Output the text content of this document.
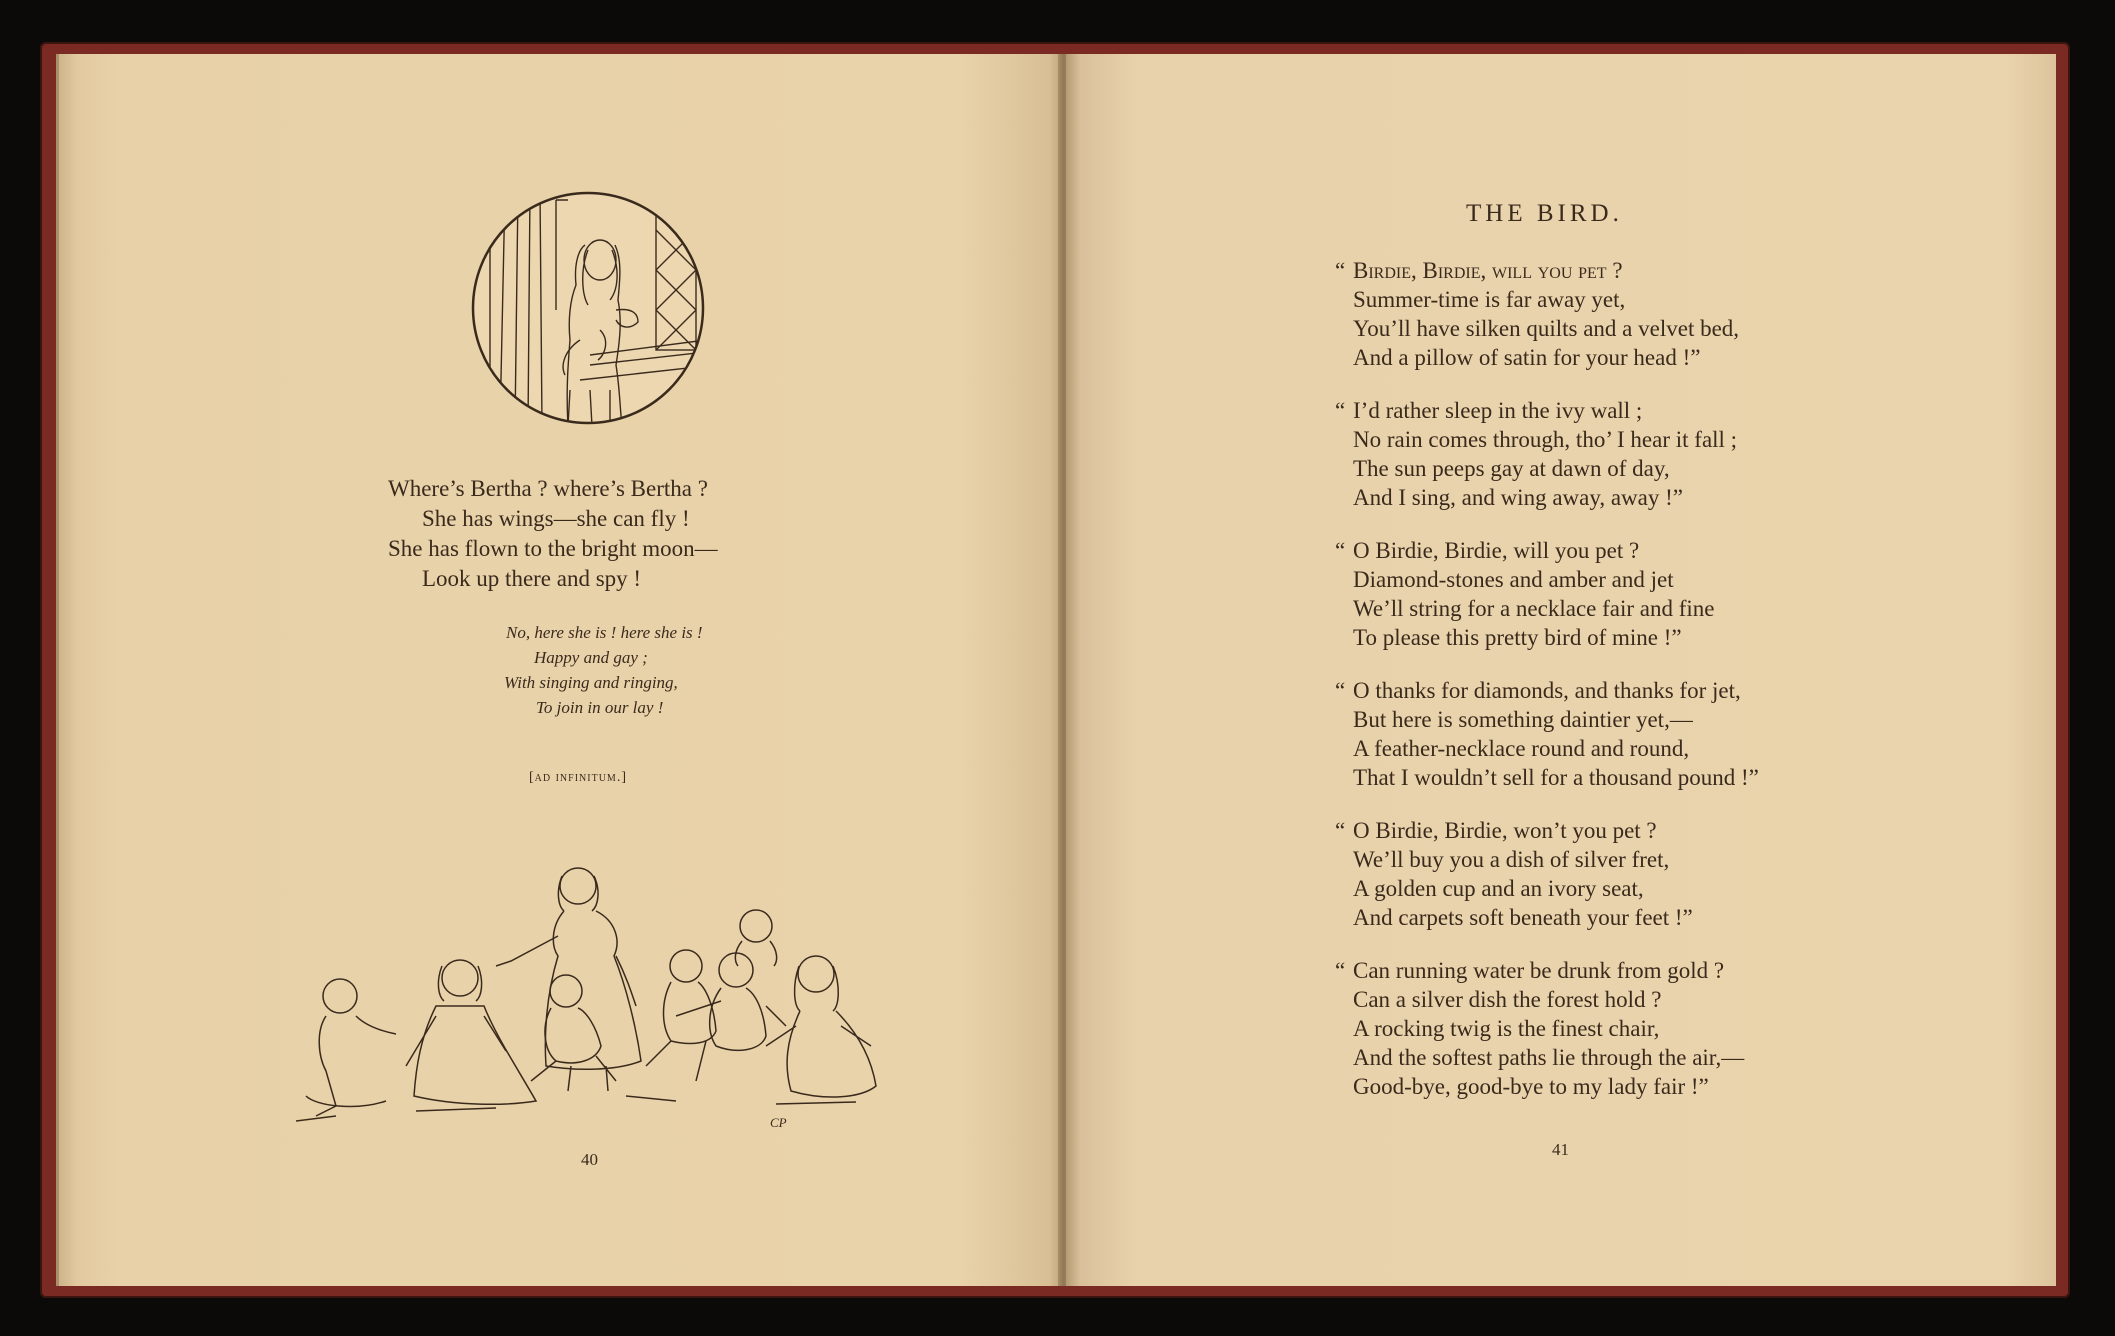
Where’s Bertha ? where’s Bertha ?
She has wings—she can fly !
She has flown to the bright moon—
Look up there and spy !
No, here she is ! here she is !
Happy and gay ;
With singing and ringing,
To join in our lay !
[ad infinitum.]
CP
40
THE BIRD.
“ Birdie, Birdie, will you pet ?
Summer-time is far away yet,
You’ll have silken quilts and a velvet bed,
And a pillow of satin for your head !”
“ I’d rather sleep in the ivy wall ;
No rain comes through, tho’ I hear it fall ;
The sun peeps gay at dawn of day,
And I sing, and wing away, away !”
“ O Birdie, Birdie, will you pet ?
Diamond-stones and amber and jet
We’ll string for a necklace fair and fine
To please this pretty bird of mine !”
“ O thanks for diamonds, and thanks for jet,
But here is something daintier yet,—
A feather-necklace round and round,
That I wouldn’t sell for a thousand pound !”
“ O Birdie, Birdie, won’t you pet ?
We’ll buy you a dish of silver fret,
A golden cup and an ivory seat,
And carpets soft beneath your feet !”
“ Can running water be drunk from gold ?
Can a silver dish the forest hold ?
A rocking twig is the finest chair,
And the softest paths lie through the air,—
Good-bye, good-bye to my lady fair !”
41
